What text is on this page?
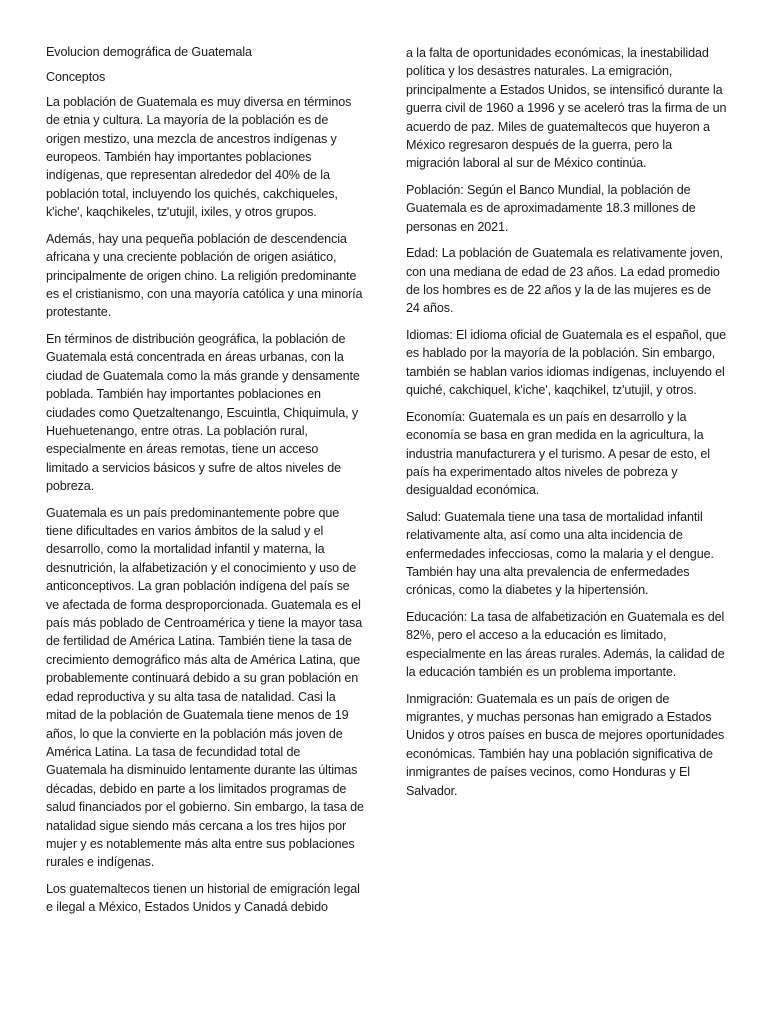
Evolucion demográfica de Guatemala

Conceptos

La población de Guatemala es muy diversa en términos de etnia y cultura. La mayoría de la población es de origen mestizo, una mezcla de ancestros indígenas y europeos. También hay importantes poblaciones indígenas, que representan alrededor del 40% de la población total, incluyendo los quichés, cakchiqueles, k'iche', kaqchikeles, tz'utujil, ixiles, y otros grupos.

Además, hay una pequeña población de descendencia africana y una creciente población de origen asiático, principalmente de origen chino. La religión predominante es el cristianismo, con una mayoría católica y una minoría protestante.

En términos de distribución geográfica, la población de Guatemala está concentrada en áreas urbanas, con la ciudad de Guatemala como la más grande y densamente poblada. También hay importantes poblaciones en ciudades como Quetzaltenango, Escuintla, Chiquimula, y Huehuetenango, entre otras. La población rural, especialmente en áreas remotas, tiene un acceso limitado a servicios básicos y sufre de altos niveles de pobreza.

Guatemala es un país predominantemente pobre que tiene dificultades en varios ámbitos de la salud y el desarrollo, como la mortalidad infantil y materna, la desnutrición, la alfabetización y el conocimiento y uso de anticonceptivos. La gran población indígena del país se ve afectada de forma desproporcionada. Guatemala es el país más poblado de Centroamérica y tiene la mayor tasa de fertilidad de América Latina. También tiene la tasa de crecimiento demográfico más alta de América Latina, que probablemente continuará debido a su gran población en edad reproductiva y su alta tasa de natalidad. Casi la mitad de la población de Guatemala tiene menos de 19 años, lo que la convierte en la población más joven de América Latina. La tasa de fecundidad total de Guatemala ha disminuido lentamente durante las últimas décadas, debido en parte a los limitados programas de salud financiados por el gobierno. Sin embargo, la tasa de natalidad sigue siendo más cercana a los tres hijos por mujer y es notablemente más alta entre sus poblaciones rurales e indígenas.

Los guatemaltecos tienen un historial de emigración legal e ilegal a México, Estados Unidos y Canadá debido

a la falta de oportunidades económicas, la inestabilidad política y los desastres naturales. La emigración, principalmente a Estados Unidos, se intensificó durante la guerra civil de 1960 a 1996 y se aceleró tras la firma de un acuerdo de paz. Miles de guatemaltecos que huyeron a México regresaron después de la guerra, pero la migración laboral al sur de México continúa.

Población: Según el Banco Mundial, la población de Guatemala es de aproximadamente 18.3 millones de personas en 2021.

Edad: La población de Guatemala es relativamente joven, con una mediana de edad de 23 años. La edad promedio de los hombres es de 22 años y la de las mujeres es de 24 años.

Idiomas: El idioma oficial de Guatemala es el español, que es hablado por la mayoría de la población. Sin embargo, también se hablan varios idiomas indígenas, incluyendo el quiché, cakchiquel, k'iche', kaqchikel, tz'utujil, y otros.

Economía: Guatemala es un país en desarrollo y la economía se basa en gran medida en la agricultura, la industria manufacturera y el turismo. A pesar de esto, el país ha experimentado altos niveles de pobreza y desigualdad económica.

Salud: Guatemala tiene una tasa de mortalidad infantil relativamente alta, así como una alta incidencia de enfermedades infecciosas, como la malaria y el dengue. También hay una alta prevalencia de enfermedades crónicas, como la diabetes y la hipertensión.

Educación: La tasa de alfabetización en Guatemala es del 82%, pero el acceso a la educación es limitado, especialmente en las áreas rurales. Además, la calidad de la educación también es un problema importante.

Inmigración: Guatemala es un país de origen de migrantes, y muchas personas han emigrado a Estados Unidos y otros países en busca de mejores oportunidades económicas. También hay una población significativa de inmigrantes de países vecinos, como Honduras y El Salvador.
